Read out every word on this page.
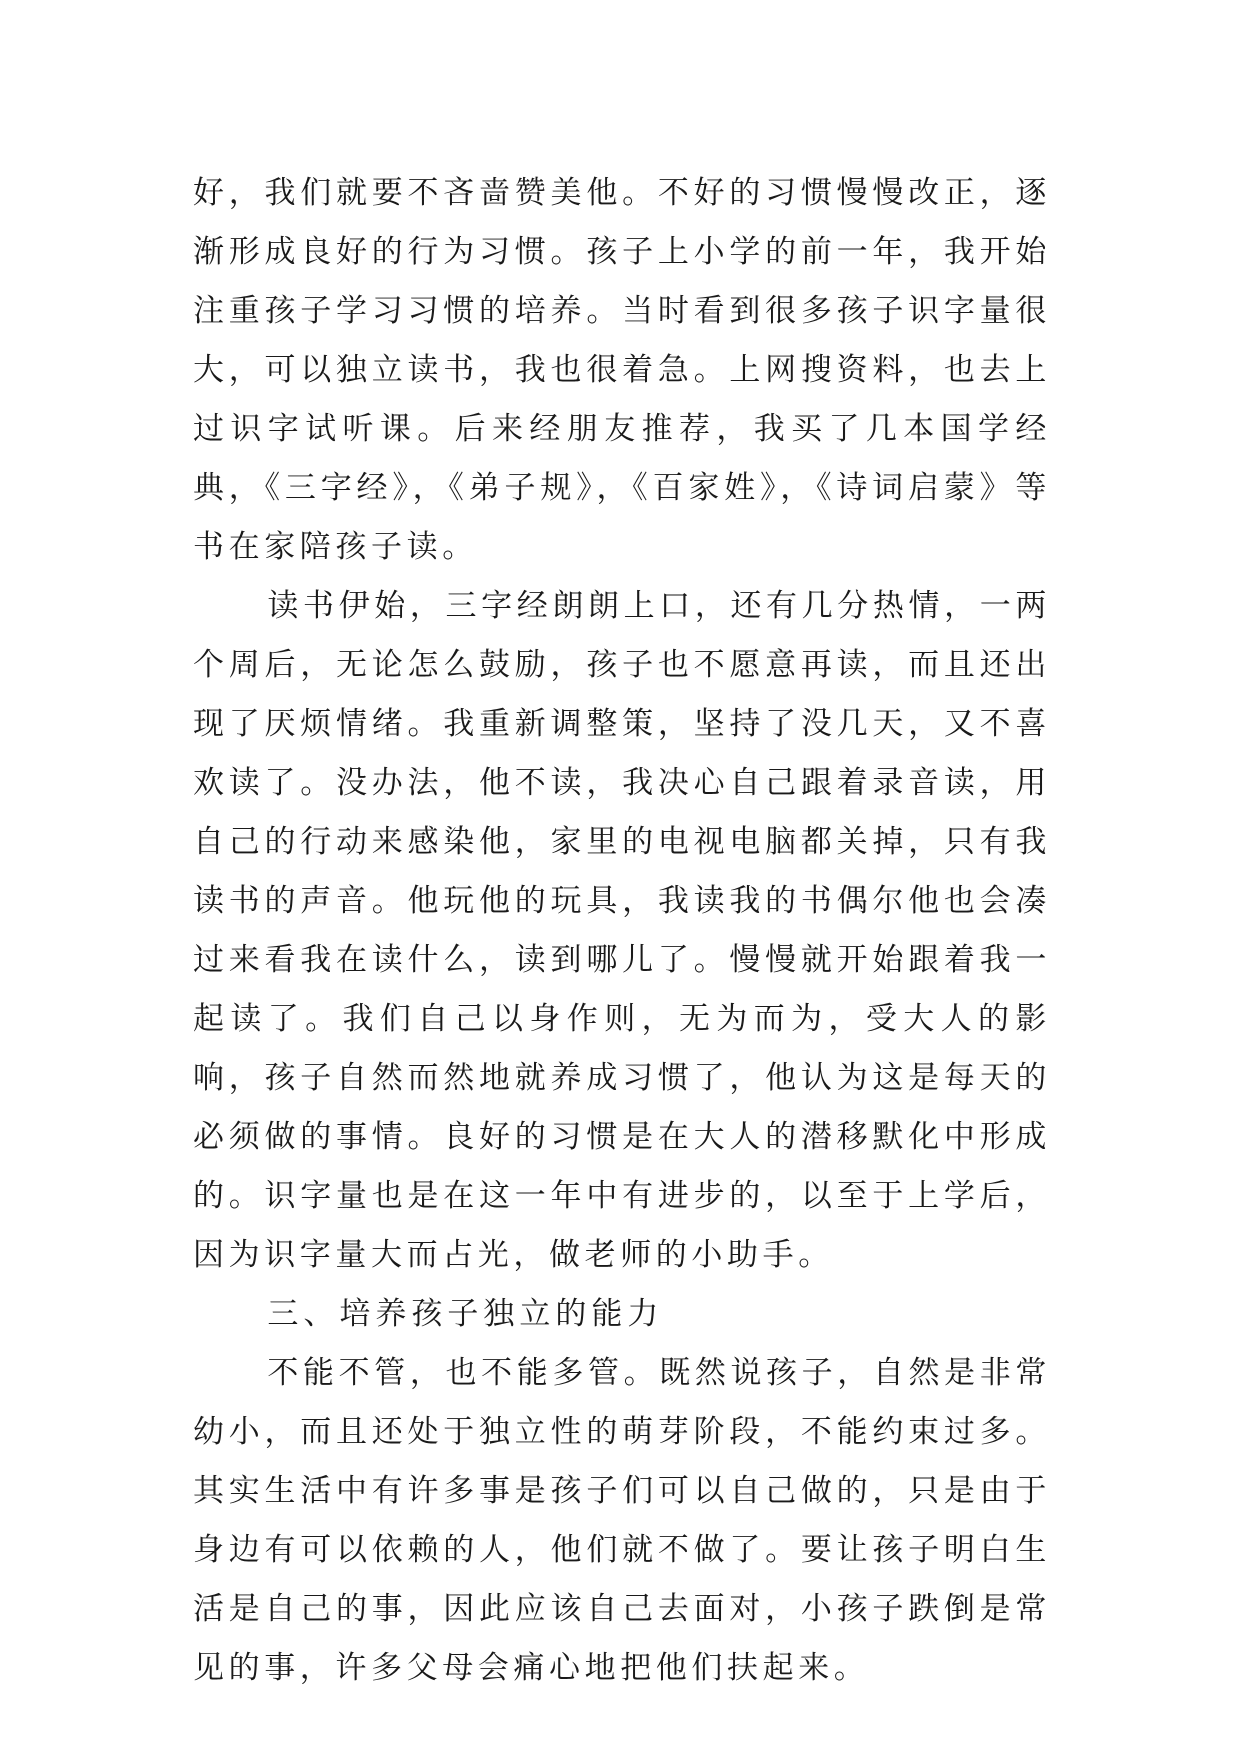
好，我们就要不吝啬赞美他。不好的习惯慢慢改正，逐渐形成良好的行为习惯。孩子上小学的前一年，我开始注重孩子学习习惯的培养。当时看到很多孩子识字量很大，可以独立读书，我也很着急。上网搜资料，也去上过识字试听课。后来经朋友推荐，我买了几本国学经典，《三字经》，《弟子规》，《百家姓》，《诗词启蒙》等书在家陪孩子读。

读书伊始，三字经朗朗上口，还有几分热情，一两个周后，无论怎么鼓励，孩子也不愿意再读，而且还出现了厌烦情绪。我重新调整策，坚持了没几天，又不喜欢读了。没办法，他不读，我决心自己跟着录音读，用自己的行动来感染他，家里的电视电脑都关掉，只有我读书的声音。他玩他的玩具，我读我的书偶尔他也会凑过来看我在读什么，读到哪儿了。慢慢就开始跟着我一起读了。我们自己以身作则，无为而为，受大人的影响，孩子自然而然地就养成习惯了，他认为这是每天的必须做的事情。良好的习惯是在大人的潜移默化中形成的。识字量也是在这一年中有进步的，以至于上学后，因为识字量大而占光，做老师的小助手。

三、培养孩子独立的能力

不能不管，也不能多管。既然说孩子，自然是非常幼小，而且还处于独立性的萌芽阶段，不能约束过多。其实生活中有许多事是孩子们可以自己做的，只是由于身边有可以依赖的人，他们就不做了。要让孩子明白生活是自己的事，因此应该自己去面对，小孩子跌倒是常见的事，许多父母会痛心地把他们扶起来。
